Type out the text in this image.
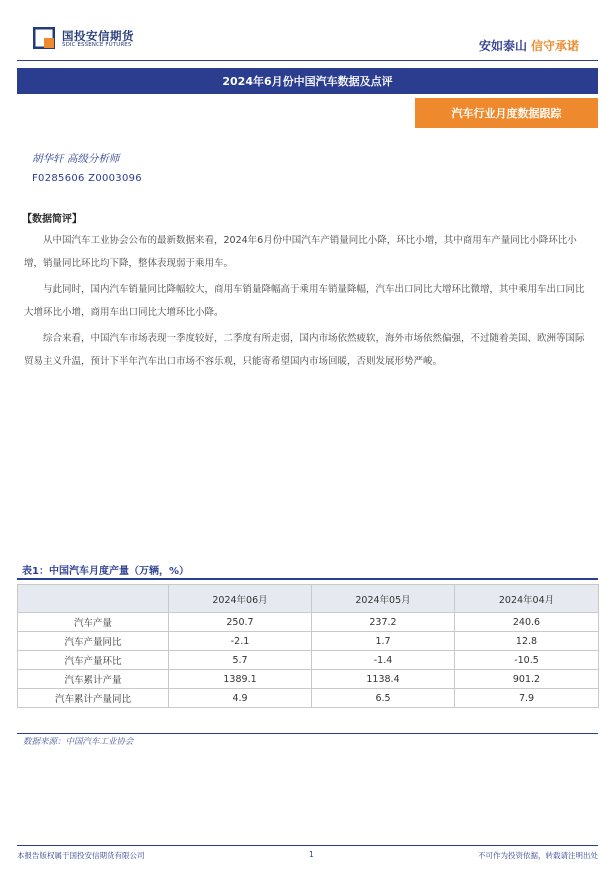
国投安信期货
SDIC ESSENCE FUTURES	安如泰山 信守承诺
2024年6月份中国汽车数据及点评
汽车行业月度数据跟踪
胡华轩 高级分析师
F0285606 Z0003096
【数据简评】

从中国汽车工业协会公布的最新数据来看，2024年6月份中国汽车产销量同比小降，环比小增，其中商用车产量同比小降环比小增，销量同比环比均下降，整体表现弱于乘用车。

与此同时，国内汽车销量同比降幅较大，商用车销量降幅高于乘用车销量降幅，汽车出口同比大增环比微增，其中乘用车出口同比大增环比小增，商用车出口同比大增环比小降。

综合来看，中国汽车市场表现一季度较好，二季度有所走弱，国内市场依然疲软，海外市场依然偏强，不过随着美国、欧洲等国际贸易主义升温，预计下半年汽车出口市场不容乐观，只能寄希望国内市场回暖，否则发展形势严峻。

表1：中国汽车月度产量（万辆，%）
	2024年06月	2024年05月	2024年04月
汽车产量	250.7	237.2	240.6
汽车产量同比	-2.1	1.7	12.8
汽车产量环比	5.7	-1.4	-10.5
汽车累计产量	1389.1	1138.4	901.2
汽车累计产量同比	4.9	6.5	7.9
数据来源：中国汽车工业协会
本报告版权属于国投安信期货有限公司	1	不可作为投资依据，转载请注明出处
